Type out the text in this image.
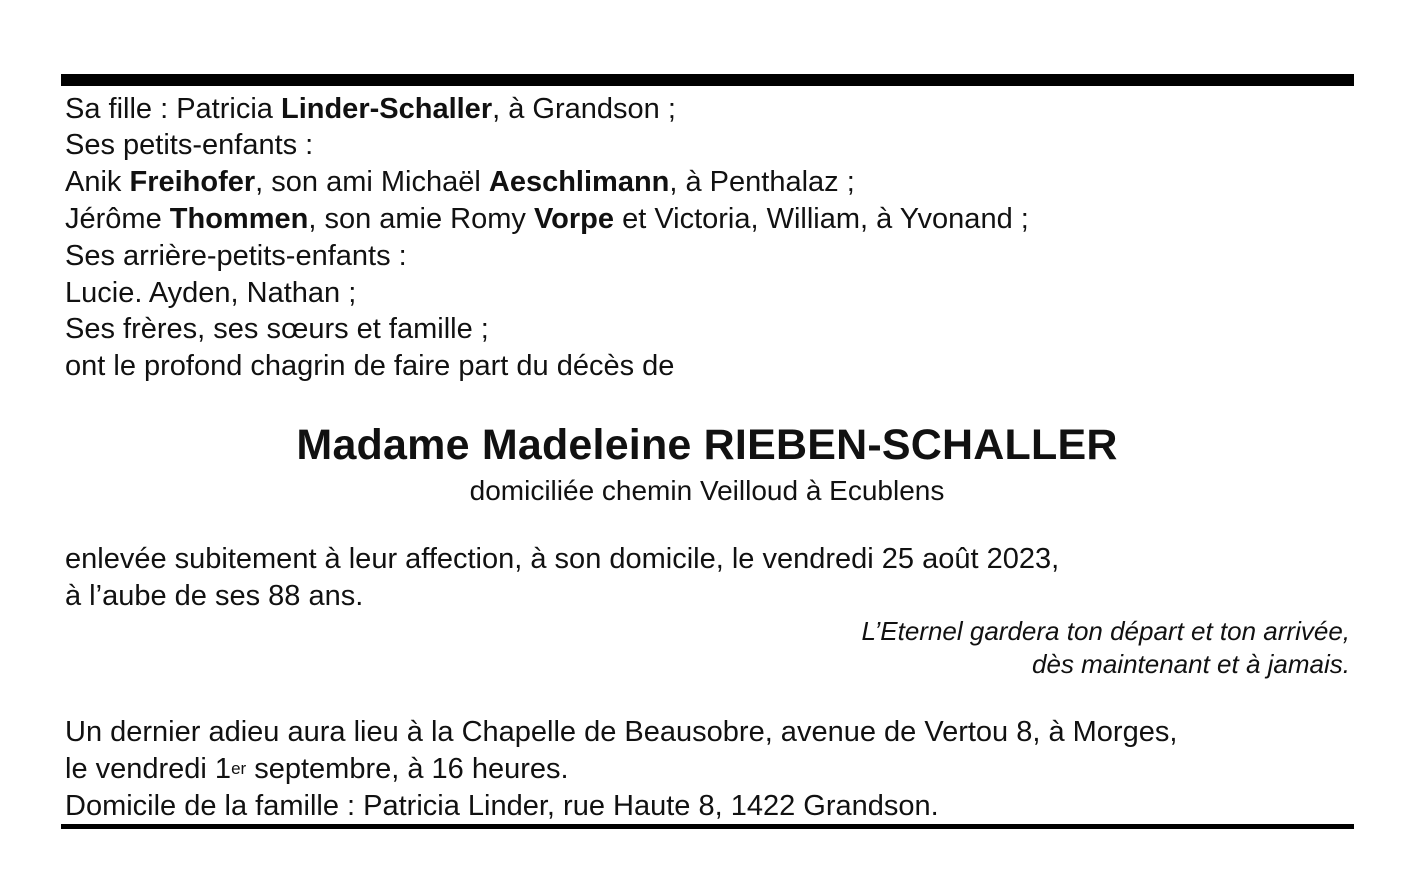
Sa fille : Patricia Linder-Schaller, à Grandson ;
Ses petits-enfants :
Anik Freihofer, son ami Michaël Aeschlimann, à Penthalaz ;
Jérôme Thommen, son amie Romy Vorpe et Victoria, William, à Yvonand ;
Ses arrière-petits-enfants :
Lucie. Ayden, Nathan ;
Ses frères, ses sœurs et famille ;
ont le profond chagrin de faire part du décès de
Madame Madeleine RIEBEN-SCHALLER
domiciliée chemin Veilloud à Ecublens
enlevée subitement à leur affection, à son domicile, le vendredi 25 août 2023,
à l’aube de ses 88 ans.
L’Eternel gardera ton départ et ton arrivée,
dès maintenant et à jamais.
Un dernier adieu aura lieu à la Chapelle de Beausobre, avenue de Vertou 8, à Morges,
le vendredi 1er septembre, à 16 heures.
Domicile de la famille : Patricia Linder, rue Haute 8, 1422 Grandson.
